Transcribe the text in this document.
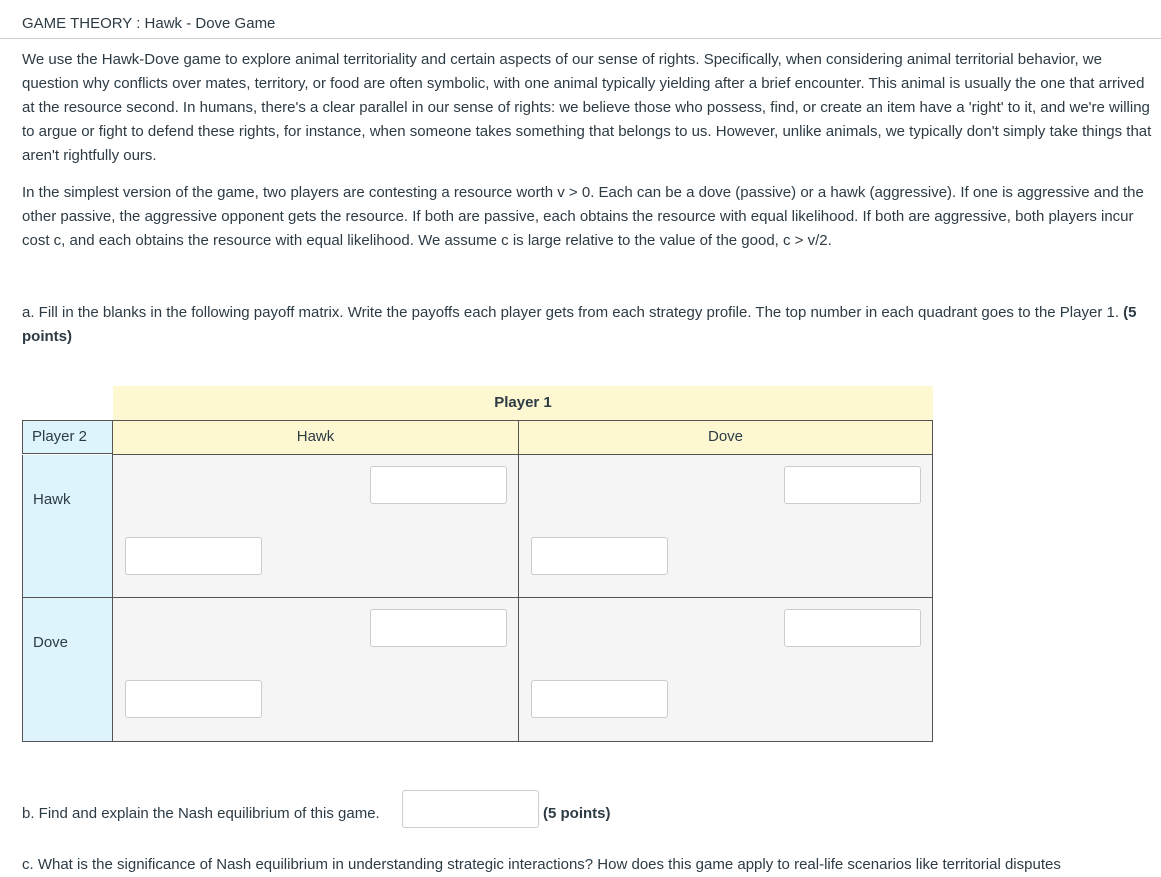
GAME THEORY : Hawk - Dove Game

We use the Hawk-Dove game to explore animal territoriality and certain aspects of our sense of rights. Specifically, when considering animal territorial behavior, we question why conflicts over mates, territory, or food are often symbolic, with one animal typically yielding after a brief encounter. This animal is usually the one that arrived at the resource second. In humans, there's a clear parallel in our sense of rights: we believe those who possess, find, or create an item have a 'right' to it, and we're willing to argue or fight to defend these rights, for instance, when someone takes something that belongs to us. However, unlike animals, we typically don't simply take things that aren't rightfully ours.

In the simplest version of the game, two players are contesting a resource worth v > 0. Each can be a dove (passive) or a hawk (aggressive). If one is aggressive and the other passive, the aggressive opponent gets the resource. If both are passive, each obtains the resource with equal likelihood. If both are aggressive, both players incur cost c, and each obtains the resource with equal likelihood. We assume c is large relative to the value of the good, c > v/2.

a. Fill in the blanks in the following payoff matrix. Write the payoffs each player gets from each strategy profile. The top number in each quadrant goes to the Player 1. (5 points)

Player 1
Player 2	Hawk	Dove
Hawk
Dove

b. Find and explain the Nash equilibrium of this game.	(5 points)

c. What is the significance of Nash equilibrium in understanding strategic interactions? How does this game apply to real-life scenarios like territorial disputes
